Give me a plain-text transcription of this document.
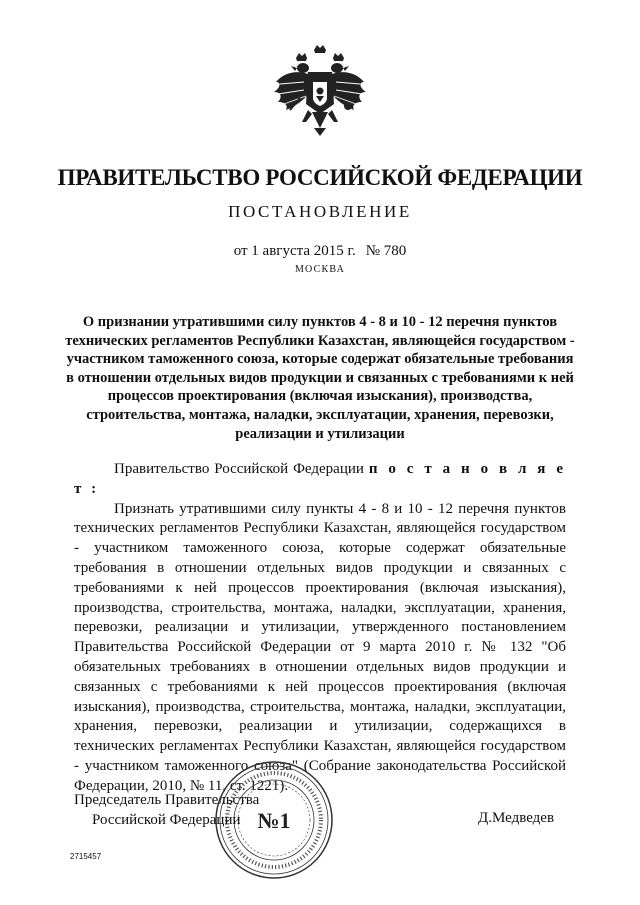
ПРАВИТЕЛЬСТВО РОССИЙСКОЙ ФЕДЕРАЦИИ
ПОСТАНОВЛЕНИЕ
от 1 августа 2015 г. № 780
МОСКВА
О признании утратившими силу пунктов 4 - 8 и 10 - 12 перечня пунктов технических регламентов Республики Казахстан, являющейся государством - участником таможенного союза, которые содержат обязательные требования в отношении отдельных видов продукции и связанных с требованиями к ней процессов проектирования (включая изыскания), производства, строительства, монтажа, наладки, эксплуатации, хранения, перевозки, реализации и утилизации

Правительство Российской Федерации п о с т а н о в л я е т :

Признать утратившими силу пункты 4 - 8 и 10 - 12 перечня пунктов технических регламентов Республики Казахстан, являющейся государством - участником таможенного союза, которые содержат обязательные требования в отношении отдельных видов продукции и связанных с требованиями к ней процессов проектирования (включая изыскания), производства, строительства, монтажа, наладки, эксплуатации, хранения, перевозки, реализации и утилизации, утвержденного постановлением Правительства Российской Федерации от 9 марта 2010 г. № 132 "Об обязательных требованиях в отношении отдельных видов продукции и связанных с требованиями к ней процессов проектирования (включая изыскания), производства, строительства, монтажа, наладки, эксплуатации, хранения, перевозки, реализации и утилизации, содержащихся в технических регламентах Республики Казахстан, являющейся государством - участником таможенного союза" (Собрание законодательства Российской Федерации, 2010, № 11, ст. 1221).

№1
Председатель Правительства
Российской Федерации	Д.Медведев
2715457
